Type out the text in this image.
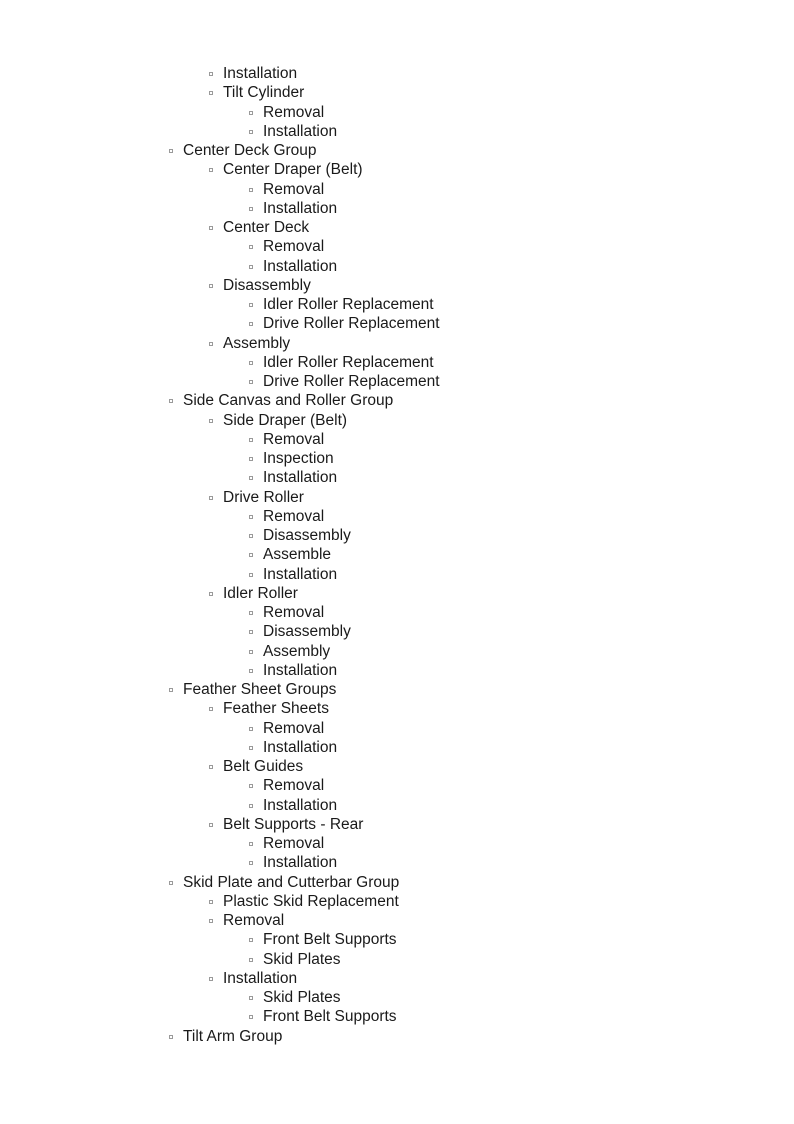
Installation
Tilt Cylinder
Removal
Installation
Center Deck Group
Center Draper (Belt)
Removal
Installation
Center Deck
Removal
Installation
Disassembly
Idler Roller Replacement
Drive Roller Replacement
Assembly
Idler Roller Replacement
Drive Roller Replacement
Side Canvas and Roller Group
Side Draper (Belt)
Removal
Inspection
Installation
Drive Roller
Removal
Disassembly
Assemble
Installation
Idler Roller
Removal
Disassembly
Assembly
Installation
Feather Sheet Groups
Feather Sheets
Removal
Installation
Belt Guides
Removal
Installation
Belt Supports - Rear
Removal
Installation
Skid Plate and Cutterbar Group
Plastic Skid Replacement
Removal
Front Belt Supports
Skid Plates
Installation
Skid Plates
Front Belt Supports
Tilt Arm Group
